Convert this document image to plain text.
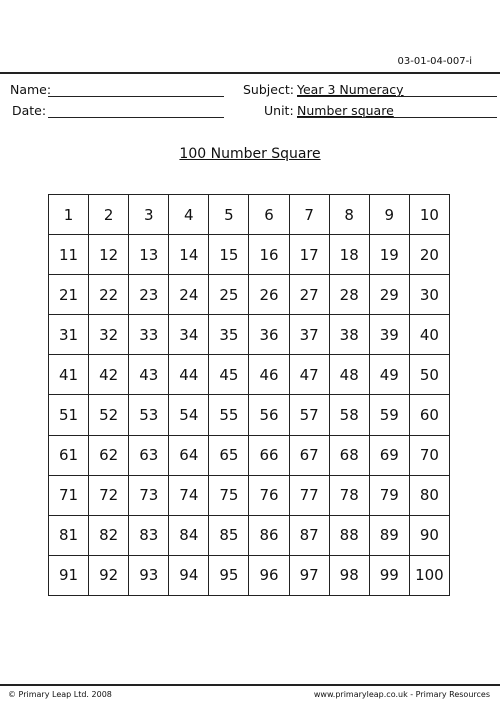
03-01-04-007-i
Name:
Date:
Subject: Year 3 Numeracy
Unit: Number square
100 Number Square
1	2	3	4	5	6	7	8	9	10
11	12	13	14	15	16	17	18	19	20
21	22	23	24	25	26	27	28	29	30
31	32	33	34	35	36	37	38	39	40
41	42	43	44	45	46	47	48	49	50
51	52	53	54	55	56	57	58	59	60
61	62	63	64	65	66	67	68	69	70
71	72	73	74	75	76	77	78	79	80
81	82	83	84	85	86	87	88	89	90
91	92	93	94	95	96	97	98	99	100
© Primary Leap Ltd. 2008	www.primaryleap.co.uk - Primary Resources
